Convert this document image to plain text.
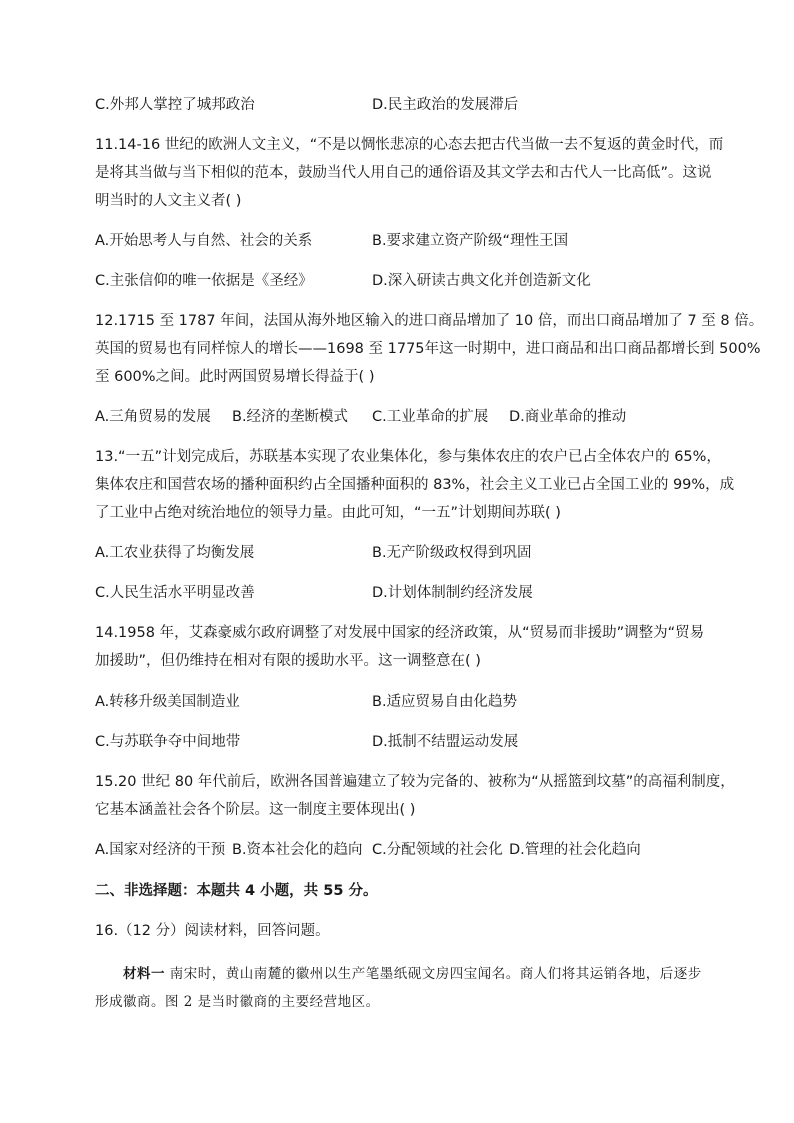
C.外邦人掌控了城邦政治	D.民主政治的发展滞后
11.14-16 世纪的欧洲人文主义，“不是以惆怅悲凉的心态去把古代当做一去不复返的黄金时代，而
是将其当做与当下相似的范本，鼓励当代人用自己的通俗语及其文学去和古代人一比高低”。这说
明当时的人文主义者( )
A.开始思考人与自然、社会的关系	B.要求建立资产阶级“理性王国
C.主张信仰的唯一依据是《圣经》	D.深入研读古典文化并创造新文化
12.1715 至 1787 年间，法国从海外地区输入的进口商品增加了 10 倍，而出口商品增加了 7 至 8 倍。
英国的贸易也有同样惊人的增长——1698 至 1775年这一时期中，进口商品和出口商品都增长到 500%
至 600%之间。此时两国贸易增长得益于( )
A.三角贸易的发展 B.经济的垄断模式 C.工业革命的扩展 D.商业革命的推动
13.“一五”计划完成后，苏联基本实现了农业集体化，参与集体农庄的农户已占全体农户的 65%，
集体农庄和国营农场的播种面积约占全国播种面积的 83%，社会主义工业已占全国工业的 99%，成
了工业中占绝对统治地位的领导力量。由此可知，“一五”计划期间苏联( )
A.工农业获得了均衡发展	B.无产阶级政权得到巩固
C.人民生活水平明显改善	D.计划体制制约经济发展
14.1958 年，艾森豪威尔政府调整了对发展中国家的经济政策，从“贸易而非援助”调整为“贸易
加援助”，但仍维持在相对有限的援助水平。这一调整意在( )
A.转移升级美国制造业	B.适应贸易自由化趋势
C.与苏联争夺中间地带	D.抵制不结盟运动发展
15.20 世纪 80 年代前后，欧洲各国普遍建立了较为完备的、被称为“从摇篮到坟墓”的高福利制度，
它基本涵盖社会各个阶层。这一制度主要体现出( )
A.国家对经济的干预 B.资本社会化的趋向 C.分配领域的社会化 D.管理的社会化趋向
二、非选择题：本题共 4 小题，共 55 分。
16.（12 分）阅读材料，回答问题。
材料一 南宋时，黄山南麓的徽州以生产笔墨纸砚文房四宝闻名。商人们将其运销各地，后逐步
形成徽商。图 2 是当时徽商的主要经营地区。
